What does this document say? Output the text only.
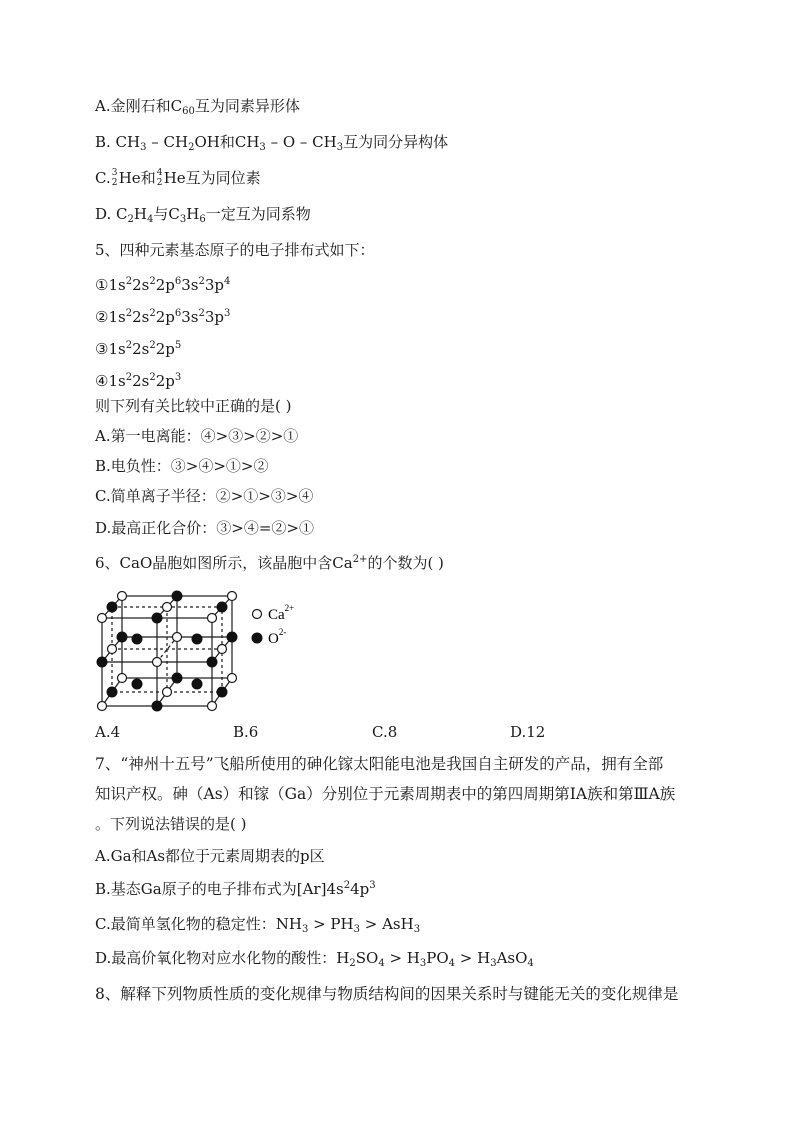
A.金刚石和$C_{60}$互为同素异形体
B. $CH_3 - CH_2OH$和$CH_3$ – O – $CH_3$互为同分异构体
C. 3
2 He和 4
2 He互为同位素
D. $C_2H_4$与$C_3H_6$一定互为同系物
5、四种元素基态原子的电子排布式如下：
$①1s^22s^22p^63s^23p^4$
$②1s^22s^22p^63s^23p^3$
$③1s^22s^22p^5$
$④1s^22s^22p^3$
则下列有关比较中正确的是( )
A.第一电离能：④>③>②>①
B.电负性：③>④>①>②
C.简单离子半径：②>①>③>④
D.最高正化合价：③>④=②>①
6、CaO晶胞如图所示，该晶胞中含$Ca^{2+}$的个数为( )
$Ca^{2+}$
$O^{2-}$
A.4	B.6	C.8	D.12
7、“神州十五号”飞船所使用的砷化镓太阳能电池是我国自主研发的产品，拥有全部
知识产权。砷（As）和镓（Ga）分别位于元素周期表中的第四周期第ⅠA族和第ⅢA族
。下列说法错误的是( )
A.Ga和As都位于元素周期表的p区
B.基态Ga原子的电子排布式为$[Ar]4s^24p^3$
C.最简单氢化物的稳定性：$NH_3 > PH_3 > AsH_3$
D.最高价氧化物对应水化物的酸性：$H_2SO_4 > H_3PO_4 > H_3AsO_4$
8、解释下列物质性质的变化规律与物质结构间的因果关系时与键能无关的变化规律是
